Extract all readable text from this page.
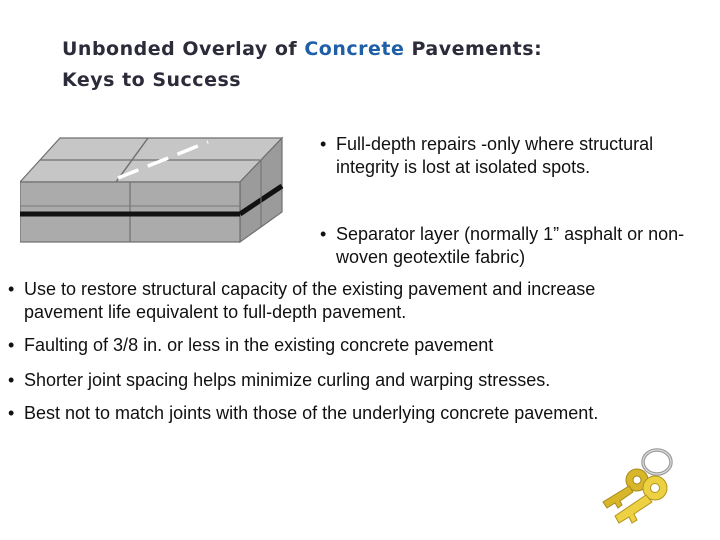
Unbonded Overlay of Concrete Pavements:
Keys to Success
• Full-depth repairs -only where structural integrity is lost at isolated spots.
• Separator layer (normally 1” asphalt or non-woven geotextile fabric)
• Use to restore structural capacity of the existing pavement and increase pavement life equivalent to full-depth pavement.
• Faulting of 3/8 in. or less in the existing concrete pavement
• Shorter joint spacing helps minimize curling and warping stresses.
• Best not to match joints with those of the underlying concrete pavement.
